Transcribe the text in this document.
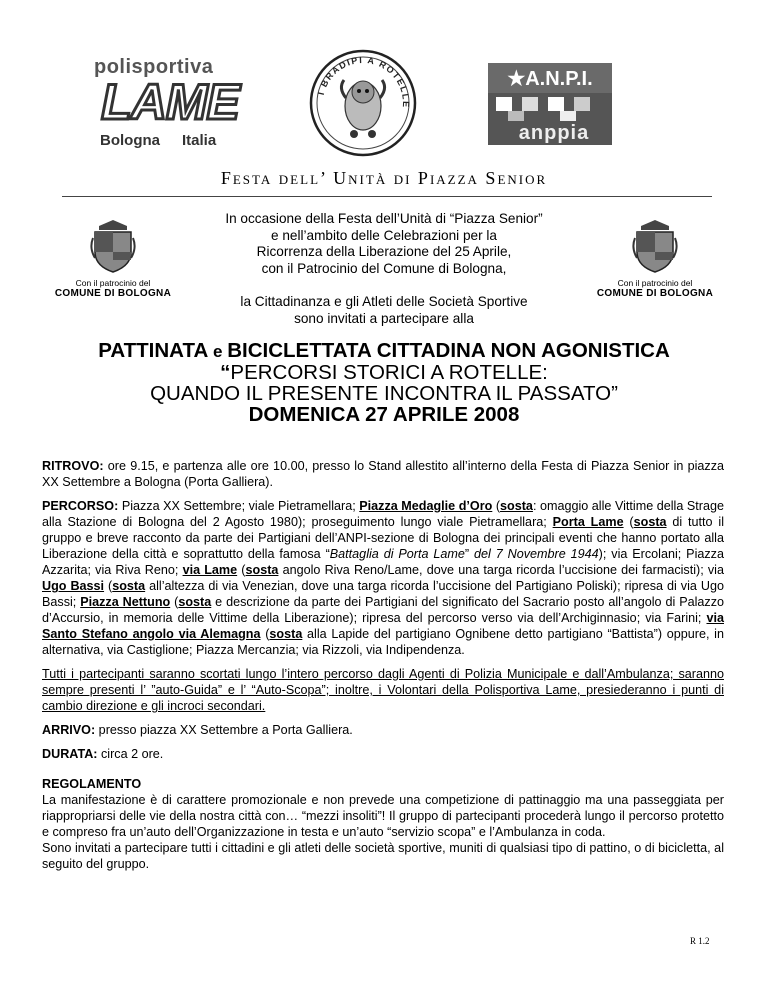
polisportiva
LAME
Bologna Italia
I BRADIPI A ROTELLE
★A.N.P.I.
anppia
Festa dell’ Unità di Piazza Senior
Con il patrocinio del
COMUNE DI BOLOGNA
Con il patrocinio del
COMUNE DI BOLOGNA
In occasione della Festa dell’Unità di “Piazza Senior”
e nell’ambito delle Celebrazioni per la
Ricorrenza della Liberazione del 25 Aprile,
con il Patrocinio del Comune di Bologna,
la Cittadinanza e gli Atleti delle Società Sportive
sono invitati a partecipare alla
PATTINATA e BICICLETTATA CITTADINA NON AGONISTICA
“PERCORSI STORICI A ROTELLE:
QUANDO IL PRESENTE INCONTRA IL PASSATO”
DOMENICA 27 APRILE 2008

RITROVO: ore 9.15, e partenza alle ore 10.00, presso lo Stand allestito all’interno della Festa di Piazza Senior in piazza XX Settembre a Bologna (Porta Galliera).

PERCORSO: Piazza XX Settembre; viale Pietramellara; Piazza Medaglie d’Oro (sosta: omaggio alle Vittime della Strage alla Stazione di Bologna del 2 Agosto 1980); proseguimento lungo viale Pietramellara; Porta Lame (sosta di tutto il gruppo e breve racconto da parte dei Partigiani dell’ANPI-sezione di Bologna dei principali eventi che hanno portato alla Liberazione della città e soprattutto della famosa “Battaglia di Porta Lame” del 7 Novembre 1944); via Ercolani; Piazza Azzarita; via Riva Reno; via Lame (sosta angolo Riva Reno/Lame, dove una targa ricorda l’uccisione dei farmacisti); via Ugo Bassi (sosta all’altezza di via Venezian, dove una targa ricorda l’uccisione del Partigiano Poliski); ripresa di via Ugo Bassi; Piazza Nettuno (sosta e descrizione da parte dei Partigiani del significato del Sacrario posto all’angolo di Palazzo d’Accursio, in memoria delle Vittime della Liberazione); ripresa del percorso verso via dell’Archiginnasio; via Farini; via Santo Stefano angolo via Alemagna (sosta alla Lapide del partigiano Ognibene detto partigiano “Battista”) oppure, in alternativa, via Castiglione; Piazza Mercanzia; via Rizzoli, via Indipendenza.

Tutti i partecipanti saranno scortati lungo l’intero percorso dagli Agenti di Polizia Municipale e dall’Ambulanza; saranno sempre presenti l’ ”auto-Guida” e l’ “Auto-Scopa”; inoltre, i Volontari della Polisportiva Lame, presiederanno i punti di cambio direzione e gli incroci secondari.

ARRIVO: presso piazza XX Settembre a Porta Galliera.

DURATA: circa 2 ore.

REGOLAMENTO

La manifestazione è di carattere promozionale e non prevede una competizione di pattinaggio ma una passeggiata per riappropriarsi delle vie della nostra città con… “mezzi insoliti”! Il gruppo di partecipanti procederà lungo il percorso protetto e compreso fra un’auto dell’Organizzazione in testa e un’auto “servizio scopa” e l’Ambulanza in coda.

Sono invitati a partecipare tutti i cittadini e gli atleti delle società sportive, muniti di qualsiasi tipo di pattino, o di bicicletta, al seguito del gruppo.

R 1.2
